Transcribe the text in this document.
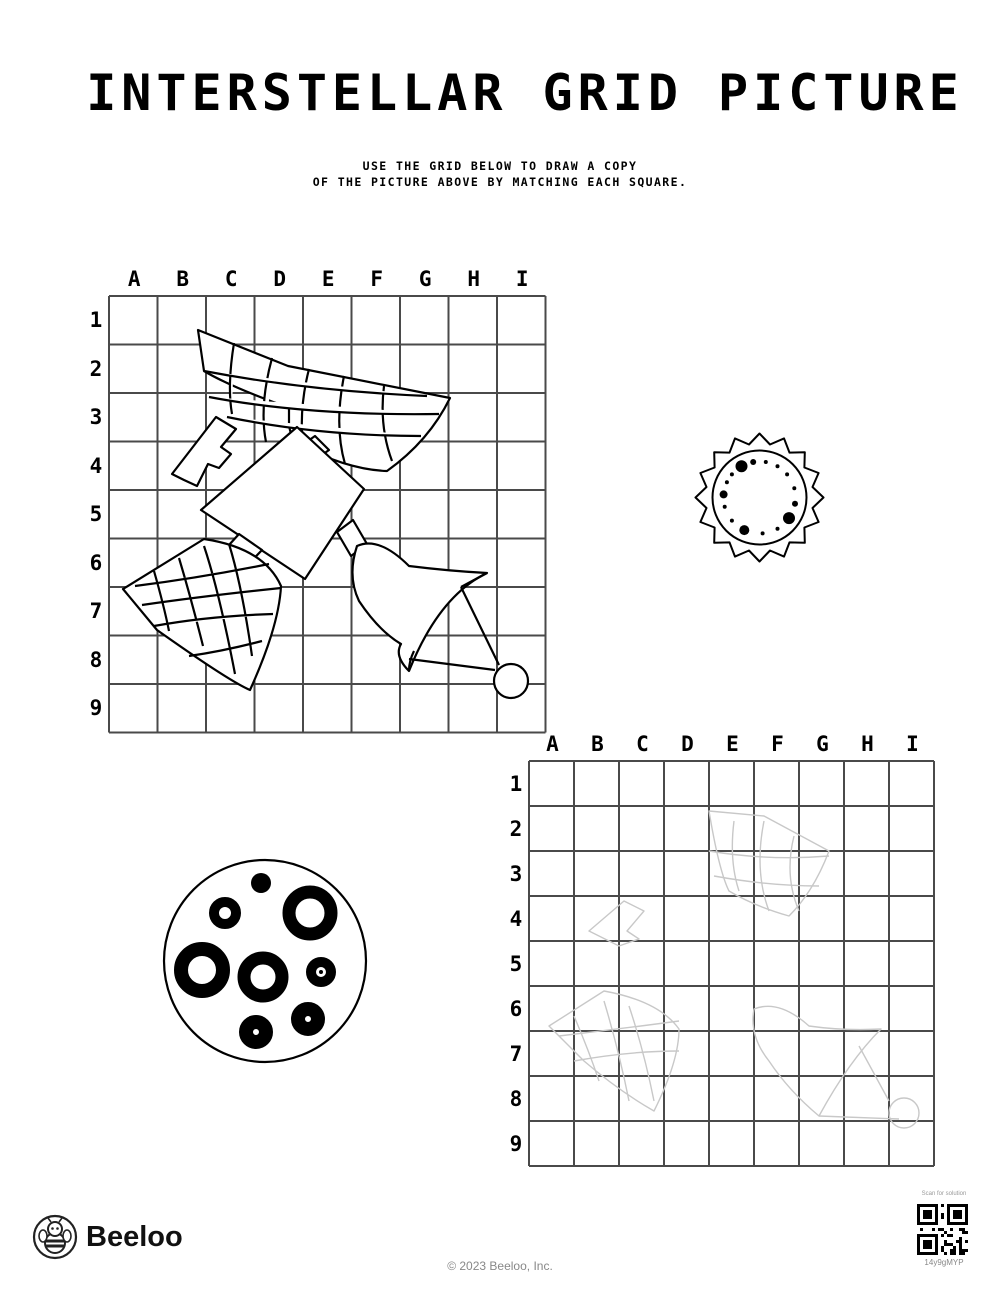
INTERSTELLAR GRID PICTURE
USE THE GRID BELOW TO DRAW A COPY
OF THE PICTURE ABOVE BY MATCHING EACH SQUARE.
A	B	C	D	E	F	G	H	I
1
2
3
4
5
6
7
8
9
A	B	C	D	E	F	G	H	I
1
2
3
4
5
6
7
8
9
Beeloo
© 2023 Beeloo, Inc.
Scan for solution
14y9gMYP
